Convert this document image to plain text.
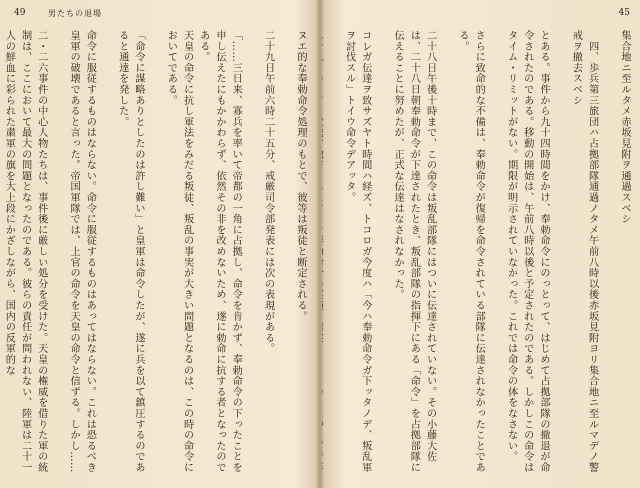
49	男たちの退場
ヌエ的な奉勅命令処理のもとで、彼等は叛徒と断定される。

二十九日午前六時二十五分、戒厳司令部発表には次の表現がある。

「……三日来、寡兵を率いて帝都の一角に占拠し、命令を肯かず、奉勅命令の下ったことを申し伝えたにもかかわらず、依然その非を改めないため、遂に勅命に抗する者となったのである。
天皇の命令に抗し軍法をみだる叛徒、叛乱の事実が大きい問題となるのは、この時の命令においてである。

「命令に謀略ありとしたのは許し難い」と皇軍は命令したが、遂に兵を以て鎮圧するのであると通達を発した。

命令に服従するものはならない。命令に服従するものはあってはならない。これは恐るべき皇軍の破壊であると言った。帝国軍隊では、上官の命令を天皇の命令と信ずる。しかし……

二・二六事件の中心人物たちは、事件後に厳しい処分を受けた。天皇の権威を借りた軍の統制は、ここにおいて最大の問題となったのである。彼らの責任が問われない、陸軍は二十一人の鮮血に彩られた粛軍の旗を大上段にかざしながら、国内の反軍的な
45
集合地ニ至ルタメ赤坂見附ヲ通過スベシ

　四、歩兵第三旅団ハ占拠部隊通過ノタメ午前八時以後赤坂見附ヨリ集合地ニ至ルマデノ警戒ヲ撤去スベシ

とある。事件から九十四時間をかけ、奉勅命令にのっとって、はじめて占拠部隊の撤退が命令されたのである。移動の開始は、午前八時以後と予定されたのである。しかしこの命令はタイム・リミットがない。期限が明示されていなかった。これでは命令の体をなさない。

さらに致命的な不備は、奉勅命令が復帰を命令されている部隊に伝達されなかったことである。

二十八日午後十時まで、この命令は叛乱部隊にはついに伝達されていない。その小藤大佐は、二十八日朝奉勅命令が下達されたとき、叛乱部隊の指揮下にある「命令」を占拠部隊に伝えることに努めたが、正式な伝達はなされなかった。

コレガ伝達ヲ致サズヤト時間ハ経ズ、トコロガ今度ハ「今ハ奉勅命令ガ下ッタノデ、叛乱軍ヲ討伐スル」トイウ命令デアッタ。
